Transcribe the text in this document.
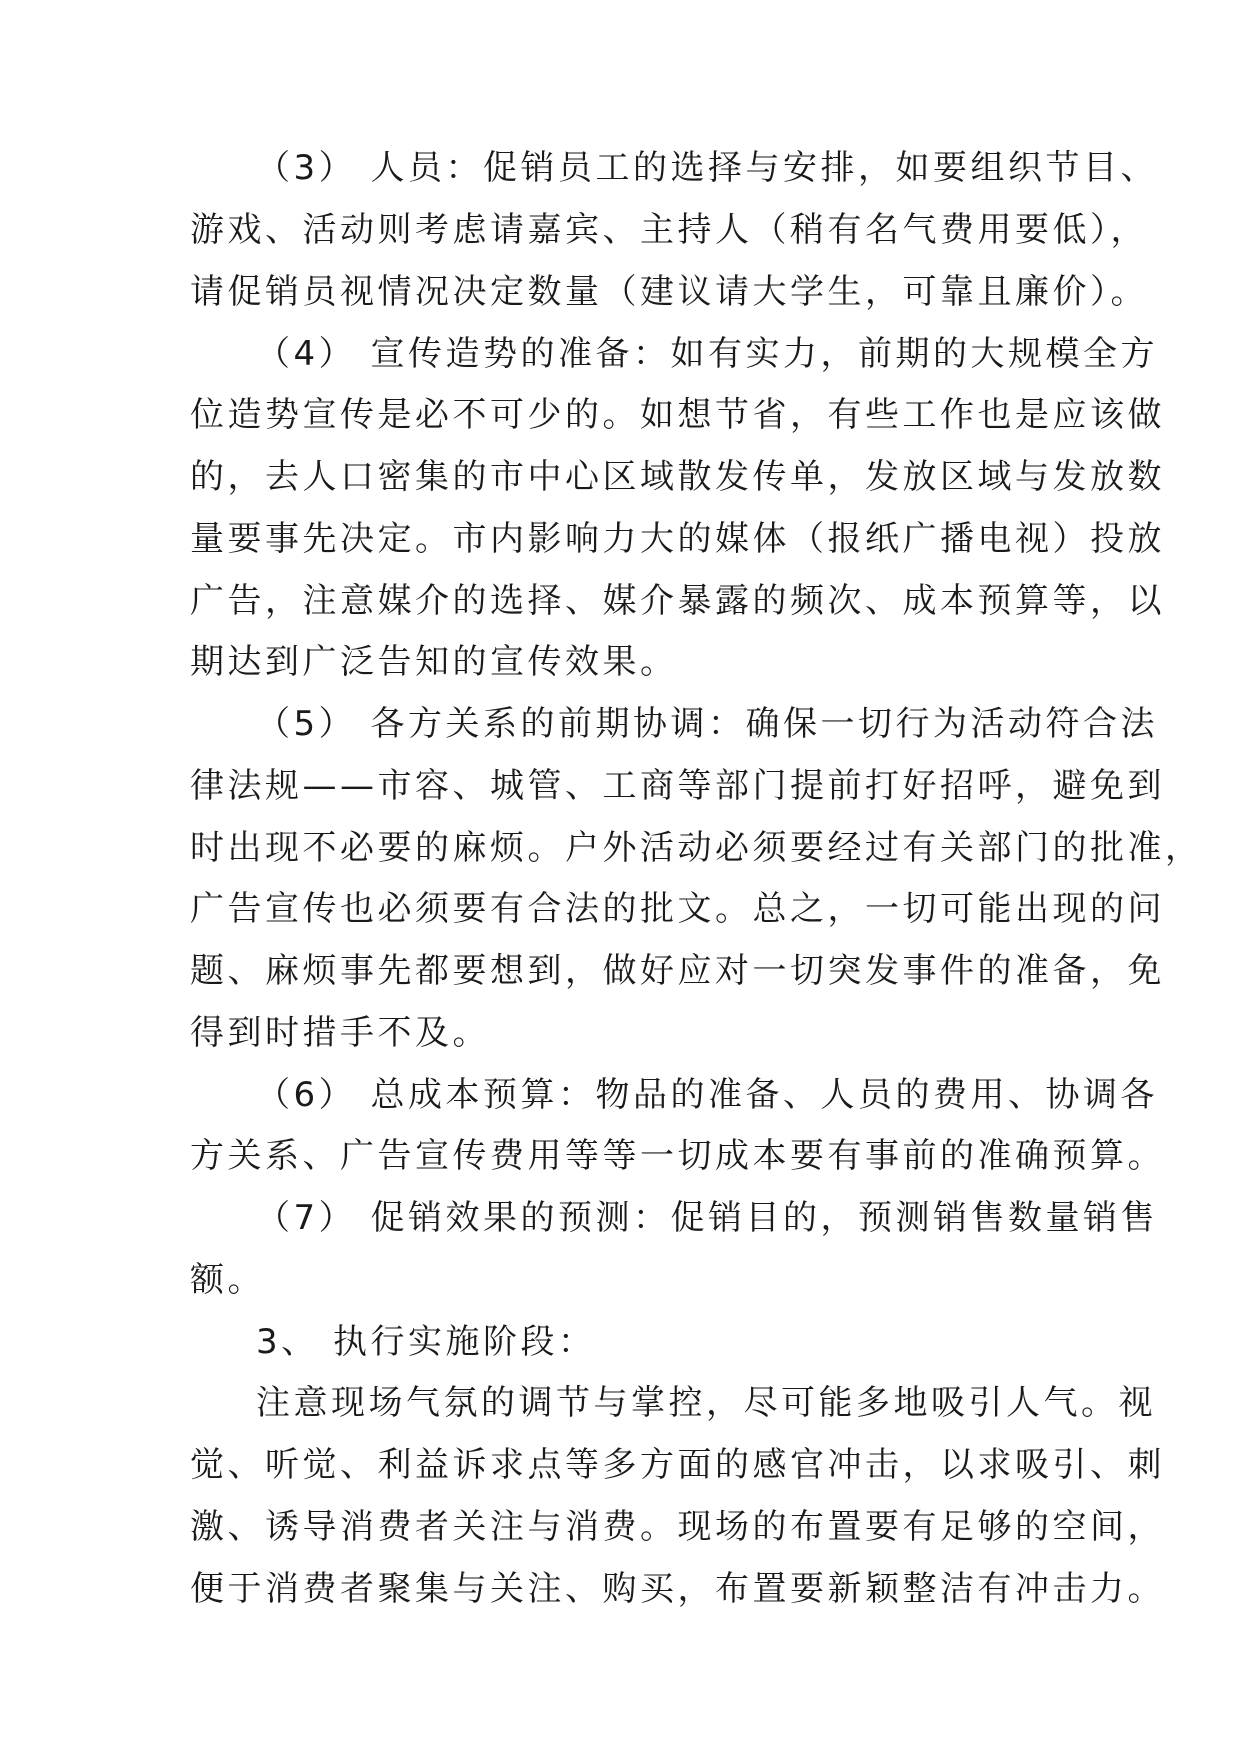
（3） 人员：促销员工的选择与安排，如要组织节目、
游戏、活动则考虑请嘉宾、主持人（稍有名气费用要低），
请促销员视情况决定数量（建议请大学生，可靠且廉价）。
（4） 宣传造势的准备：如有实力，前期的大规模全方
位造势宣传是必不可少的。如想节省，有些工作也是应该做
的，去人口密集的市中心区域散发传单，发放区域与发放数
量要事先决定。市内影响力大的媒体（报纸广播电视）投放
广告，注意媒介的选择、媒介暴露的频次、成本预算等，以
期达到广泛告知的宣传效果。
（5） 各方关系的前期协调：确保一切行为活动符合法
律法规——市容、城管、工商等部门提前打好招呼，避免到
时出现不必要的麻烦。户外活动必须要经过有关部门的批准，
广告宣传也必须要有合法的批文。总之，一切可能出现的问
题、麻烦事先都要想到，做好应对一切突发事件的准备，免
得到时措手不及。
（6） 总成本预算：物品的准备、人员的费用、协调各
方关系、广告宣传费用等等一切成本要有事前的准确预算。
（7） 促销效果的预测：促销目的，预测销售数量销售
额。
3、 执行实施阶段：
注意现场气氛的调节与掌控，尽可能多地吸引人气。视
觉、听觉、利益诉求点等多方面的感官冲击，以求吸引、刺
激、诱导消费者关注与消费。现场的布置要有足够的空间，
便于消费者聚集与关注、购买，布置要新颖整洁有冲击力。
